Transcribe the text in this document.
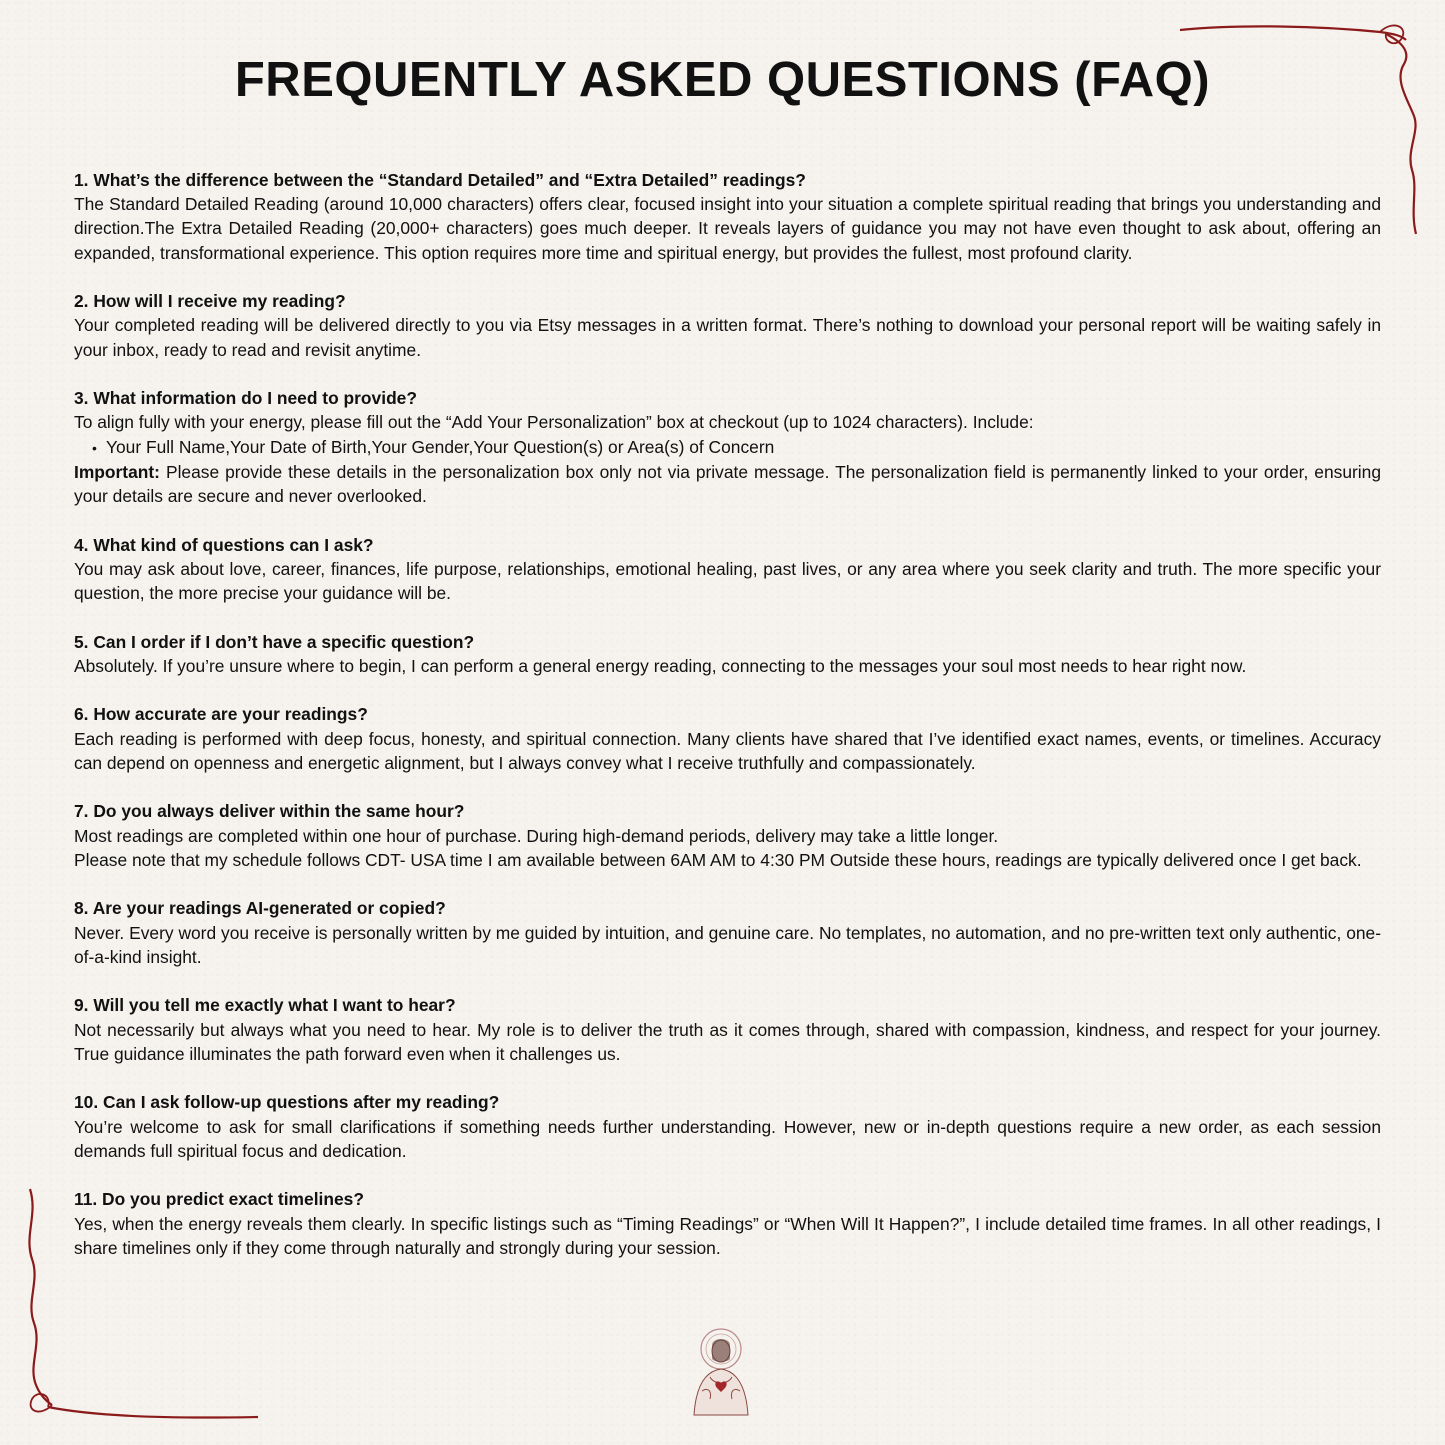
FREQUENTLY ASKED QUESTIONS (FAQ)

1. What’s the difference between the “Standard Detailed” and “Extra Detailed” readings?

The Standard Detailed Reading (around 10,000 characters) offers clear, focused insight into your situation a complete spiritual reading that brings you understanding and direction.The Extra Detailed Reading (20,000+ characters) goes much deeper. It reveals layers of guidance you may not have even thought to ask about, offering an expanded, transformational experience. This option requires more time and spiritual energy, but provides the fullest, most profound clarity.

2. How will I receive my reading?

Your completed reading will be delivered directly to you via Etsy messages in a written format. There’s nothing to download your personal report will be waiting safely in your inbox, ready to read and revisit anytime.

3. What information do I need to provide?

To align fully with your energy, please fill out the “Add Your Personalization” box at checkout (up to 1024 characters). Include:

• Your Full Name,Your Date of Birth,Your Gender,Your Question(s) or Area(s) of Concern

Important: Please provide these details in the personalization box only not via private message. The personalization field is permanently linked to your order, ensuring your details are secure and never overlooked.

4. What kind of questions can I ask?

You may ask about love, career, finances, life purpose, relationships, emotional healing, past lives, or any area where you seek clarity and truth. The more specific your question, the more precise your guidance will be.

5. Can I order if I don’t have a specific question?

Absolutely. If you’re unsure where to begin, I can perform a general energy reading, connecting to the messages your soul most needs to hear right now.

6. How accurate are your readings?

Each reading is performed with deep focus, honesty, and spiritual connection. Many clients have shared that I’ve identified exact names, events, or timelines. Accuracy can depend on openness and energetic alignment, but I always convey what I receive truthfully and compassionately.

7. Do you always deliver within the same hour?

Most readings are completed within one hour of purchase. During high-demand periods, delivery may take a little longer.

Please note that my schedule follows CDT- USA time I am available between 6AM AM to 4:30 PM Outside these hours, readings are typically delivered once I get back.

8. Are your readings AI-generated or copied?

Never. Every word you receive is personally written by me guided by intuition, and genuine care. No templates, no automation, and no pre-written text only authentic, one-of-a-kind insight.

9. Will you tell me exactly what I want to hear?

Not necessarily but always what you need to hear. My role is to deliver the truth as it comes through, shared with compassion, kindness, and respect for your journey. True guidance illuminates the path forward even when it challenges us.

10. Can I ask follow-up questions after my reading?

You’re welcome to ask for small clarifications if something needs further understanding. However, new or in-depth questions require a new order, as each session demands full spiritual focus and dedication.

11. Do you predict exact timelines?

Yes, when the energy reveals them clearly. In specific listings such as “Timing Readings” or “When Will It Happen?”, I include detailed time frames. In all other readings, I share timelines only if they come through naturally and strongly during your session.
